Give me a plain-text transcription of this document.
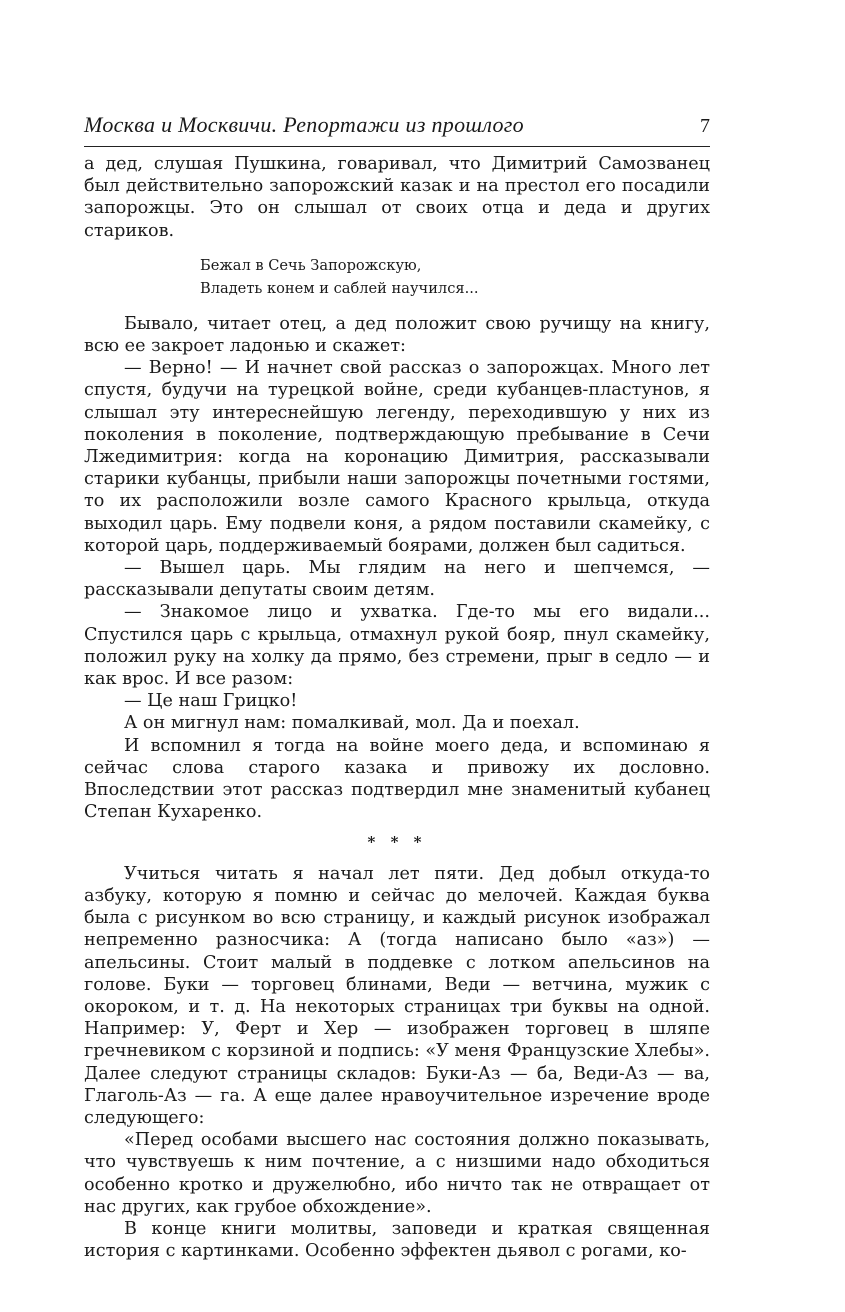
Москва и Москвичи. Репортажи из прошлого	7

а дед, слушая Пушкина, говаривал, что Димитрий Самозванец был действительно запорожский казак и на престол его посадили запорожцы. Это он слышал от своих отца и деда и других стариков.

Бежал в Сечь Запорожскую,
Владеть конем и саблей научился...

Бывало, читает отец, а дед положит свою ручищу на книгу, всю ее закроет ладонью и скажет:

— Верно! — И начнет свой рассказ о запорожцах. Много лет спустя, будучи на турецкой войне, среди кубанцев-пластунов, я слышал эту интереснейшую легенду, переходившую у них из поколения в поколение, подтверждающую пребывание в Сечи Лжедимитрия: когда на коронацию Димитрия, рассказывали старики кубанцы, прибыли наши запорожцы почетными гостями, то их расположили возле самого Красного крыльца, откуда выходил царь. Ему подвели коня, а рядом поставили скамейку, с которой царь, поддерживаемый боярами, должен был садиться.

— Вышел царь. Мы глядим на него и шепчемся, — рассказывали депутаты своим детям.

— Знакомое лицо и ухватка. Где-то мы его видали... Спустился царь с крыльца, отмахнул рукой бояр, пнул скамейку, положил руку на холку да прямо, без стремени, прыг в седло — и как врос. И все разом:

— Це наш Грицко!

А он мигнул нам: помалкивай, мол. Да и поехал.

И вспомнил я тогда на войне моего деда, и вспоминаю я сейчас слова старого казака и привожу их дословно. Впоследствии этот рассказ подтвердил мне знаменитый кубанец Степан Кухаренко.

* * *

Учиться читать я начал лет пяти. Дед добыл откуда-то азбуку, которую я помню и сейчас до мелочей. Каждая буква была с рисунком во всю страницу, и каждый рисунок изображал непременно разносчика: А (тогда написано было «аз») — апельсины. Стоит малый в поддевке с лотком апельсинов на голове. Буки — торговец блинами, Веди — ветчина, мужик с окороком, и т. д. На некоторых страницах три буквы на одной. Например: У, Ферт и Хер — изображен торговец в шляпе гречневиком с корзиной и подпись: «У меня Французские Хлебы». Далее следуют страницы складов: Буки-Аз — ба, Веди-Аз — ва, Глаголь-Аз — га. А еще далее нравоучительное изречение вроде следующего:

«Перед особами высшего нас состояния должно показывать, что чувствуешь к ним почтение, а с низшими надо обходиться особенно кротко и дружелюбно, ибо ничто так не отвращает от нас других, как грубое обхождение».

В конце книги молитвы, заповеди и краткая священная история с картинками. Особенно эффектен дьявол с рогами, ко-
